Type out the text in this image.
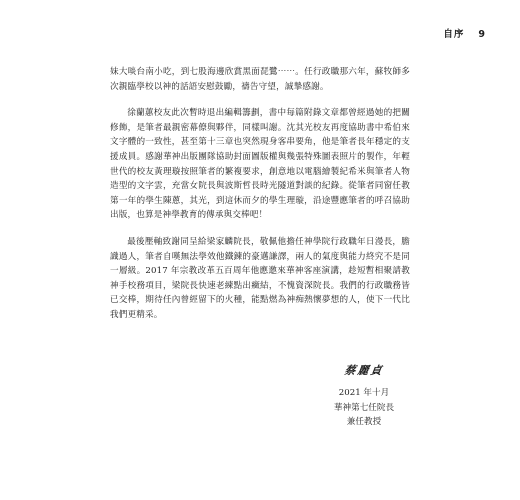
自序 9

妹大啖台南小吃，到七股海邊欣賞黑面琵鷺⋯⋯。任行政職那六年，蘇牧師多次親臨學校以神的話語安慰鼓勵，禱告守望，誠摯感謝。

徐蘭蕙校友此次暫時退出編輯籌劃，書中每篇附錄文章都曾經過她的把關修飾，是筆者最親密幕僚與夥伴，同樣叫謝。沈其光校友再度協助書中希伯來文字體的一致性，甚至第十三章也突然現身客串要角，他是筆者長年穩定的支援成員。感謝華神出版團隊協助封面圖版權與幾張特殊圖表照片的製作，年輕世代的校友黃理璇按照筆者的繁複要求，創意地以電腦繪製紀希米與筆者人物造型的文字雲，充當女院長與波斯哲長時光隧道對談的紀錄。從筆者同窗任教第一年的學生陳蔥，其光，到這休而夕的學生理璇，沿途豐應筆者的呼召協助出版，也算是神學教育的傳承與交棒吧！

最後壓軸致謝同呈給梁家麟院長，敬佩他擔任神學院行政職年日漫長，膽識過人，筆者自嘆無法學效他鐵鍊的豪邁謙譯，兩人的氣度與能力終究不是同一層級。2017 年宗教改革五百周年他應邀來華神客座演講，趁短暫相聚請教神手校務項目，梁院長快速老練點出癥結，不愧資深院長。我們的行政職務皆已交棒，期待任內曾經留下的火種，能點燃為神痴熱懷夢想的人，使下一代比我們更精采。

蔡麗貞
2021 年十月
華神第七任院長
兼任教授
